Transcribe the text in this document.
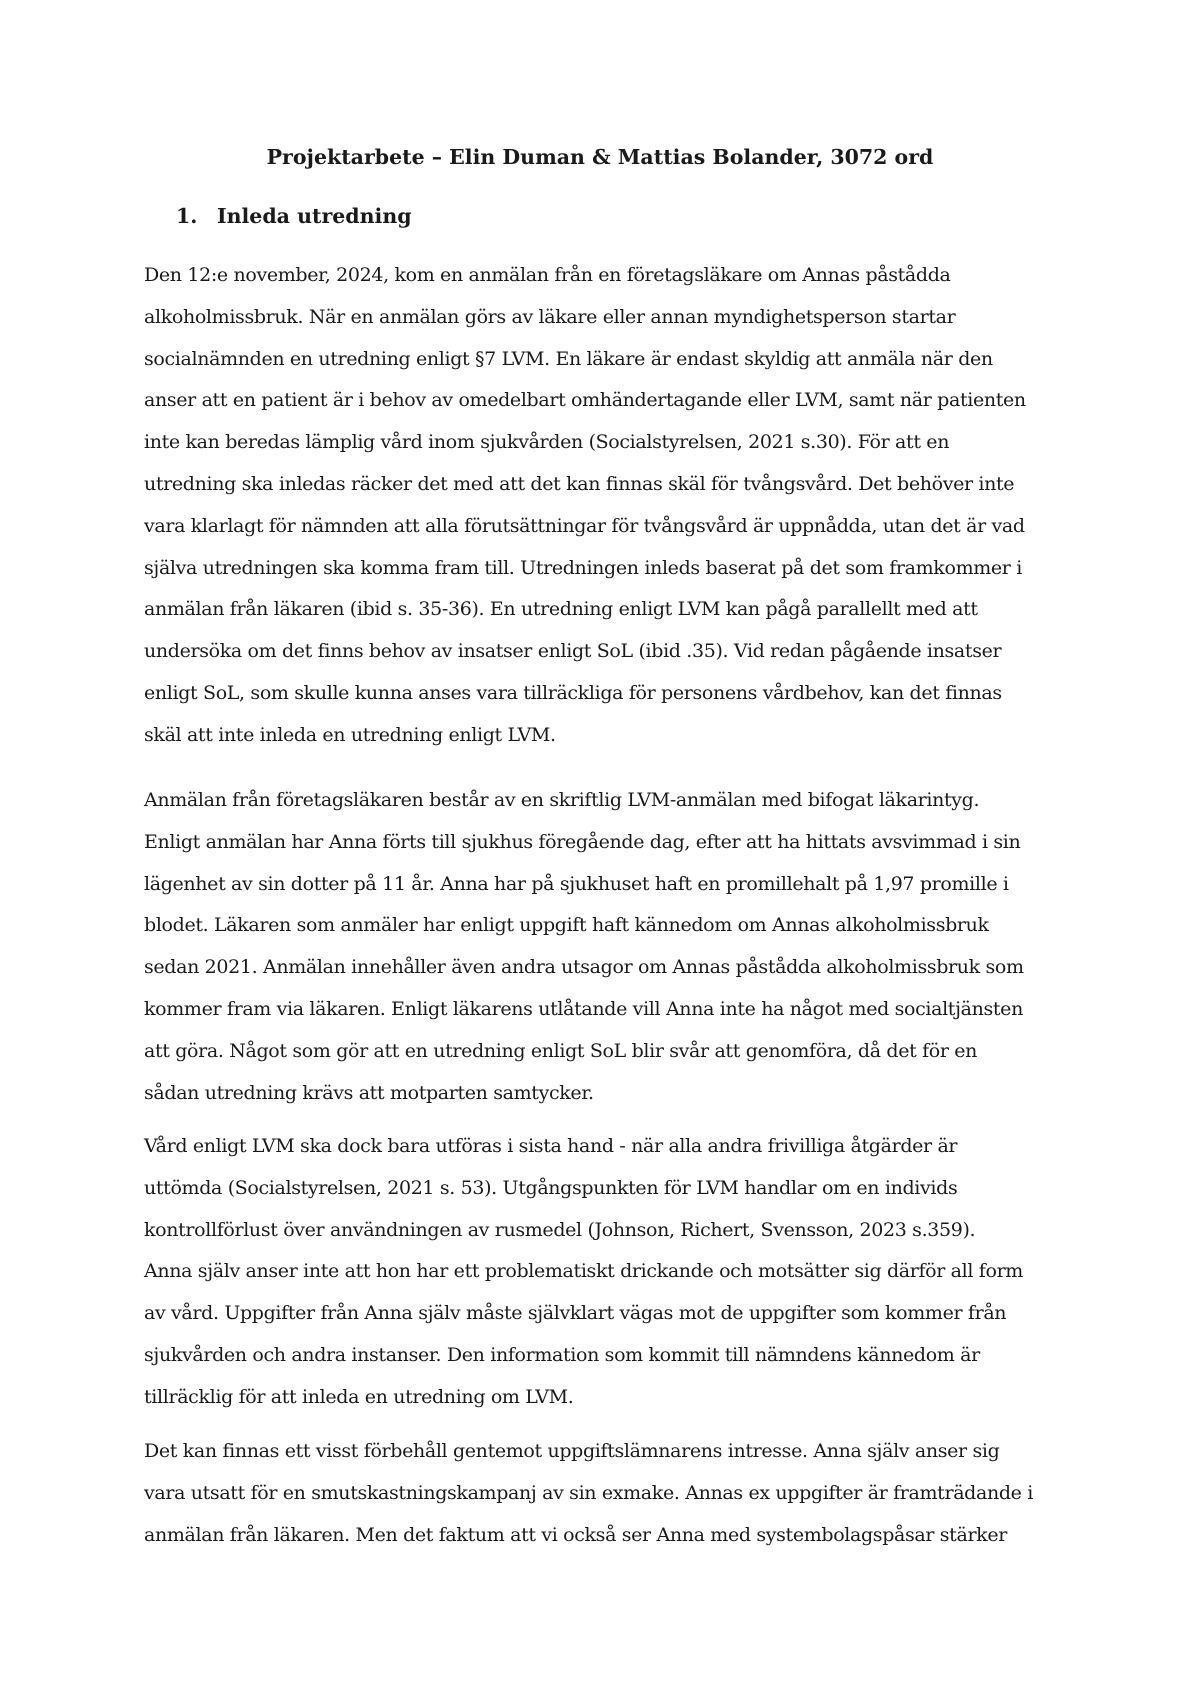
Projektarbete – Elin Duman & Mattias Bolander, 3072 ord
1. Inleda utredning
Den 12:e november, 2024, kom en anmälan från en företagsläkare om Annas påstådda
alkoholmissbruk. När en anmälan görs av läkare eller annan myndighetsperson startar
socialnämnden en utredning enligt §7 LVM. En läkare är endast skyldig att anmäla när den
anser att en patient är i behov av omedelbart omhändertagande eller LVM, samt när patienten
inte kan beredas lämplig vård inom sjukvården (Socialstyrelsen, 2021 s.30). För att en
utredning ska inledas räcker det med att det kan finnas skäl för tvångsvård. Det behöver inte
vara klarlagt för nämnden att alla förutsättningar för tvångsvård är uppnådda, utan det är vad
själva utredningen ska komma fram till. Utredningen inleds baserat på det som framkommer i
anmälan från läkaren (ibid s. 35-36). En utredning enligt LVM kan pågå parallellt med att
undersöka om det finns behov av insatser enligt SoL (ibid .35). Vid redan pågående insatser
enligt SoL, som skulle kunna anses vara tillräckliga för personens vårdbehov, kan det finnas
skäl att inte inleda en utredning enligt LVM.
Anmälan från företagsläkaren består av en skriftlig LVM-anmälan med bifogat läkarintyg.
Enligt anmälan har Anna förts till sjukhus föregående dag, efter att ha hittats avsvimmad i sin
lägenhet av sin dotter på 11 år. Anna har på sjukhuset haft en promillehalt på 1,97 promille i
blodet. Läkaren som anmäler har enligt uppgift haft kännedom om Annas alkoholmissbruk
sedan 2021. Anmälan innehåller även andra utsagor om Annas påstådda alkoholmissbruk som
kommer fram via läkaren. Enligt läkarens utlåtande vill Anna inte ha något med socialtjänsten
att göra. Något som gör att en utredning enligt SoL blir svår att genomföra, då det för en
sådan utredning krävs att motparten samtycker.
Vård enligt LVM ska dock bara utföras i sista hand - när alla andra frivilliga åtgärder är
uttömda (Socialstyrelsen, 2021 s. 53). Utgångspunkten för LVM handlar om en individs
kontrollförlust över användningen av rusmedel (Johnson, Richert, Svensson, 2023 s.359).
Anna själv anser inte att hon har ett problematiskt drickande och motsätter sig därför all form
av vård. Uppgifter från Anna själv måste självklart vägas mot de uppgifter som kommer från
sjukvården och andra instanser. Den information som kommit till nämndens kännedom är
tillräcklig för att inleda en utredning om LVM.
Det kan finnas ett visst förbehåll gentemot uppgiftslämnarens intresse. Anna själv anser sig
vara utsatt för en smutskastningskampanj av sin exmake. Annas ex uppgifter är framträdande i
anmälan från läkaren. Men det faktum att vi också ser Anna med systembolagspåsar stärker
